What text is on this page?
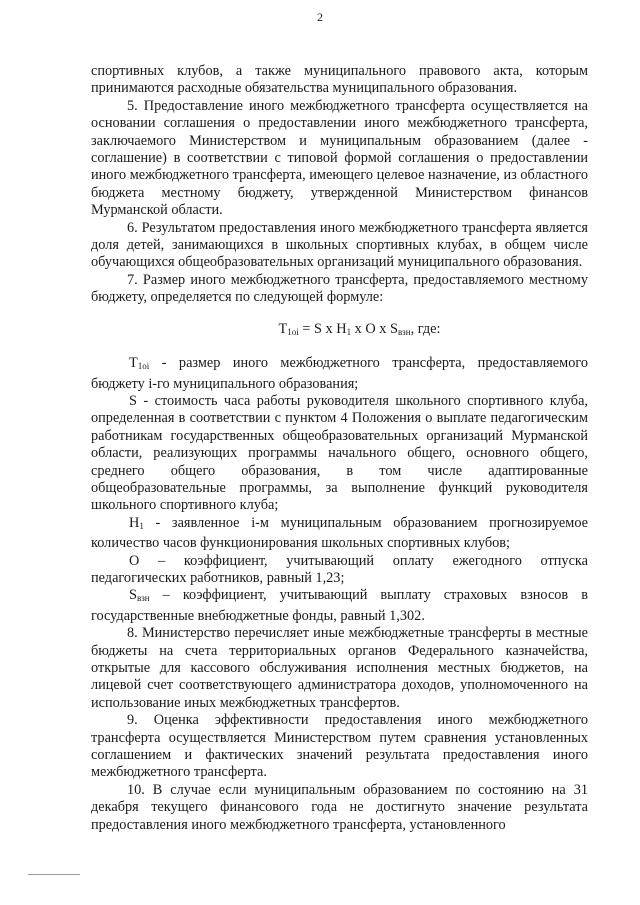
2

спортивных клубов, а также муниципального правового акта, которым принимаются расходные обязательства муниципального образования.

5. Предоставление иного межбюджетного трансферта осуществляется на основании соглашения о предоставлении иного межбюджетного трансферта, заключаемого Министерством и муниципальным образованием (далее - соглашение) в соответствии с типовой формой соглашения о предоставлении иного межбюджетного трансферта, имеющего целевое назначение, из областного бюджета местному бюджету, утвержденной Министерством финансов Мурманской области.

6. Результатом предоставления иного межбюджетного трансферта является доля детей, занимающихся в школьных спортивных клубах, в общем числе обучающихся общеобразовательных организаций муниципального образования.

7. Размер иного межбюджетного трансферта, предоставляемого местному бюджету, определяется по следующей формуле:

$T_{1oi} = S$ x $H_1$ x O x $S_{взн}$, где:

$T_{1oi}$ - размер иного межбюджетного трансферта, предоставляемого бюджету i-го муниципального образования;

S - стоимость часа работы руководителя школьного спортивного клуба, определенная в соответствии с пунктом 4 Положения о выплате педагогическим работникам государственных общеобразовательных организаций Мурманской области, реализующих программы начального общего, основного общего, среднего общего образования, в том числе адаптированные общеобразовательные программы, за выполнение функций руководителя школьного спортивного клуба;

$H_1$ - заявленное i-м муниципальным образованием прогнозируемое количество часов функционирования школьных спортивных клубов;

O – коэффициент, учитывающий оплату ежегодного отпуска педагогических работников, равный 1,23;

$S_{взн}$ – коэффициент, учитывающий выплату страховых взносов в государственные внебюджетные фонды, равный 1,302.

8. Министерство перечисляет иные межбюджетные трансферты в местные бюджеты на счета территориальных органов Федерального казначейства, открытые для кассового обслуживания исполнения местных бюджетов, на лицевой счет соответствующего администратора доходов, уполномоченного на использование иных межбюджетных трансфертов.

9. Оценка эффективности предоставления иного межбюджетного трансферта осуществляется Министерством путем сравнения установленных соглашением и фактических значений результата предоставления иного межбюджетного трансферта.

10. В случае если муниципальным образованием по состоянию на 31 декабря текущего финансового года не достигнуто значение результата предоставления иного межбюджетного трансферта, установленного
